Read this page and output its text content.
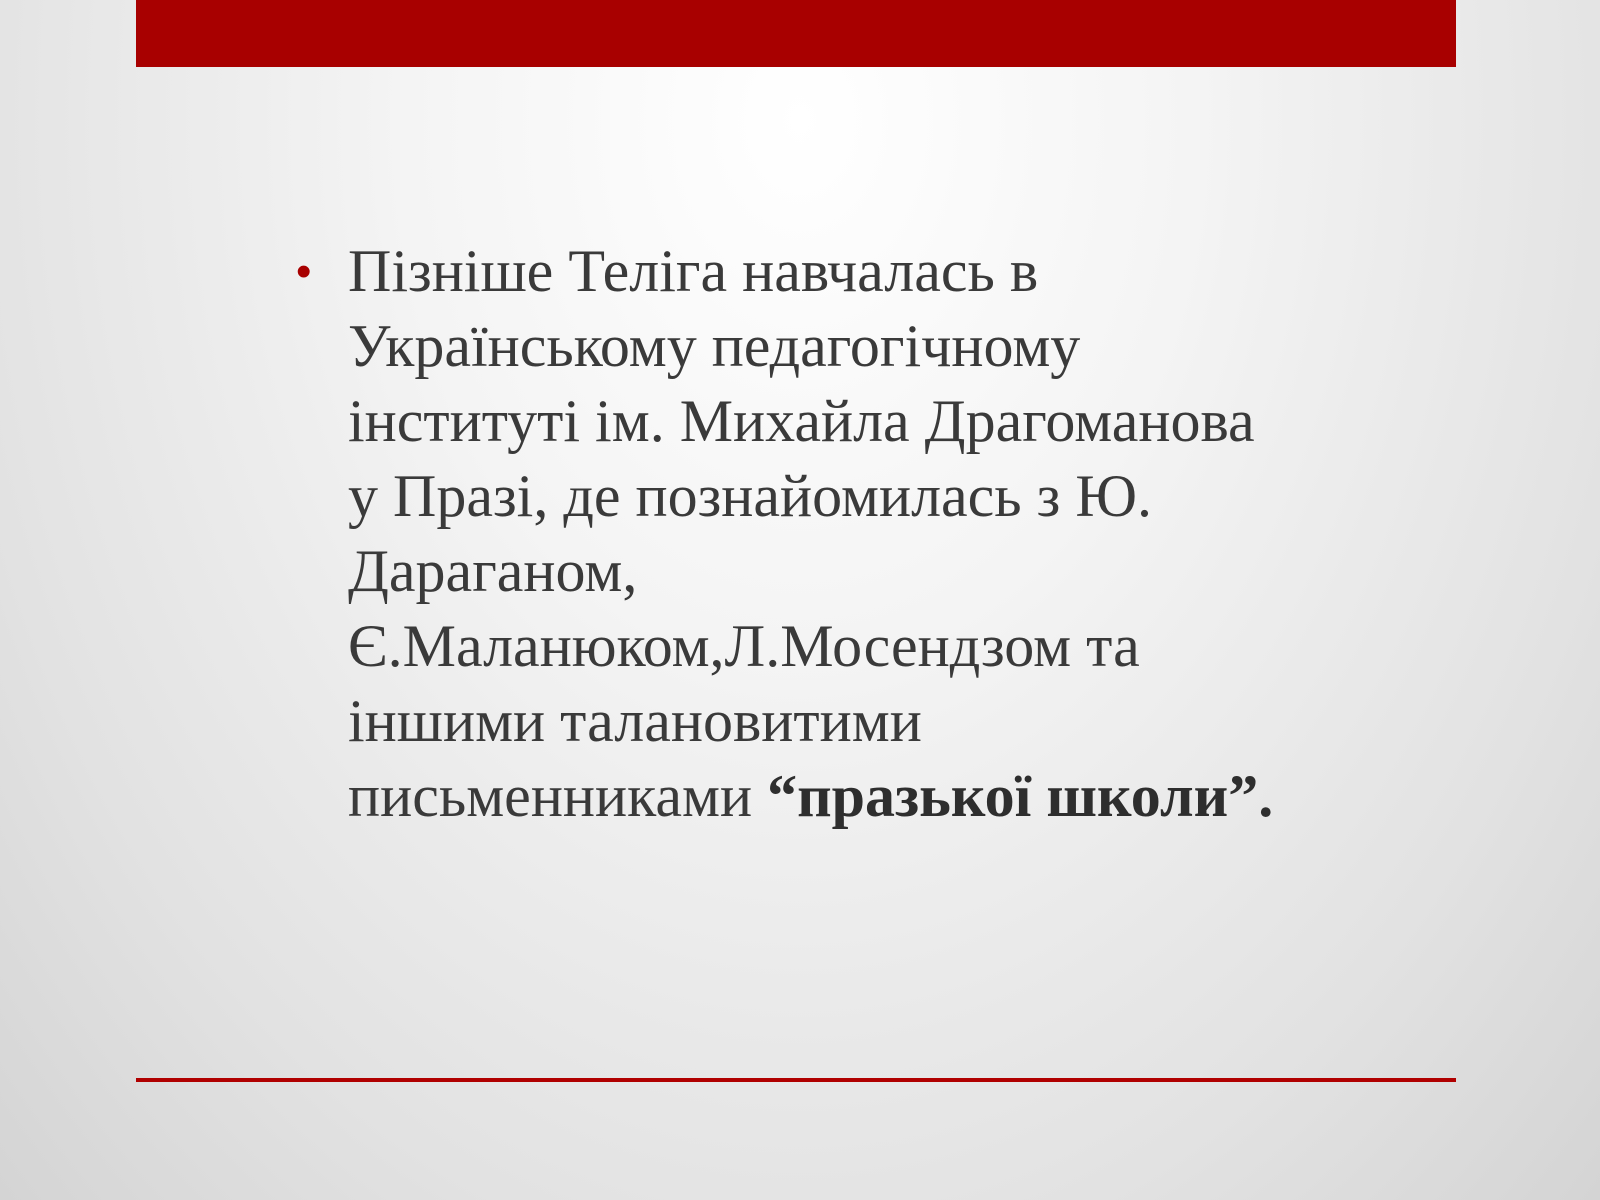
• Пізніше Теліга навчалась в
Українському педагогічному
інституті ім. Михайла Драгоманова
у Празі, де познайомилась з Ю.
Дараганом,
Є.Маланюком,Л.Мосендзом та
іншими талановитими
письменниками “празької школи”.
